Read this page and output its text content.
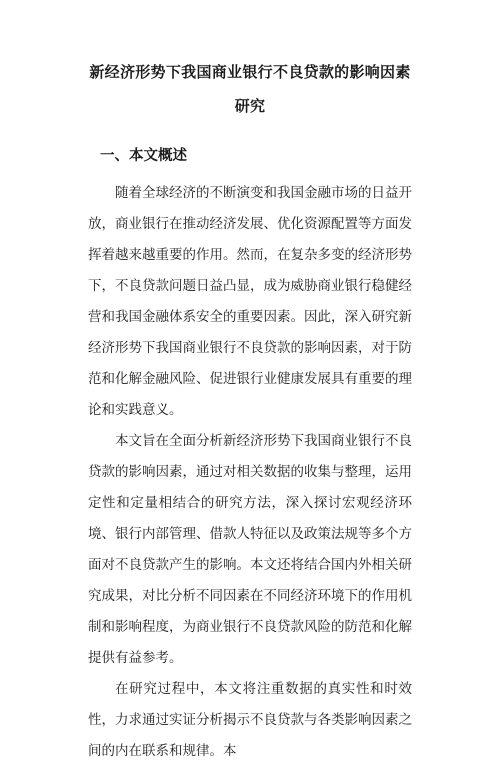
新经济形势下我国商业银行不良贷款的影响因素
研究
一、本文概述

随着全球经济的不断演变和我国金融市场的日益开放，商业银行在推动经济发展、优化资源配置等方面发挥着越来越重要的作用。然而，在复杂多变的经济形势下，不良贷款问题日益凸显，成为威胁商业银行稳健经营和我国金融体系安全的重要因素。因此，深入研究新经济形势下我国商业银行不良贷款的影响因素，对于防范和化解金融风险、促进银行业健康发展具有重要的理论和实践意义。

本文旨在全面分析新经济形势下我国商业银行不良贷款的影响因素，通过对相关数据的收集与整理，运用定性和定量相结合的研究方法，深入探讨宏观经济环境、银行内部管理、借款人特征以及政策法规等多个方面对不良贷款产生的影响。本文还将结合国内外相关研究成果，对比分析不同因素在不同经济环境下的作用机制和影响程度，为商业银行不良贷款风险的防范和化解提供有益参考。

在研究过程中，本文将注重数据的真实性和时效性，力求通过实证分析揭示不良贷款与各类影响因素之间的内在联系和规律。本
